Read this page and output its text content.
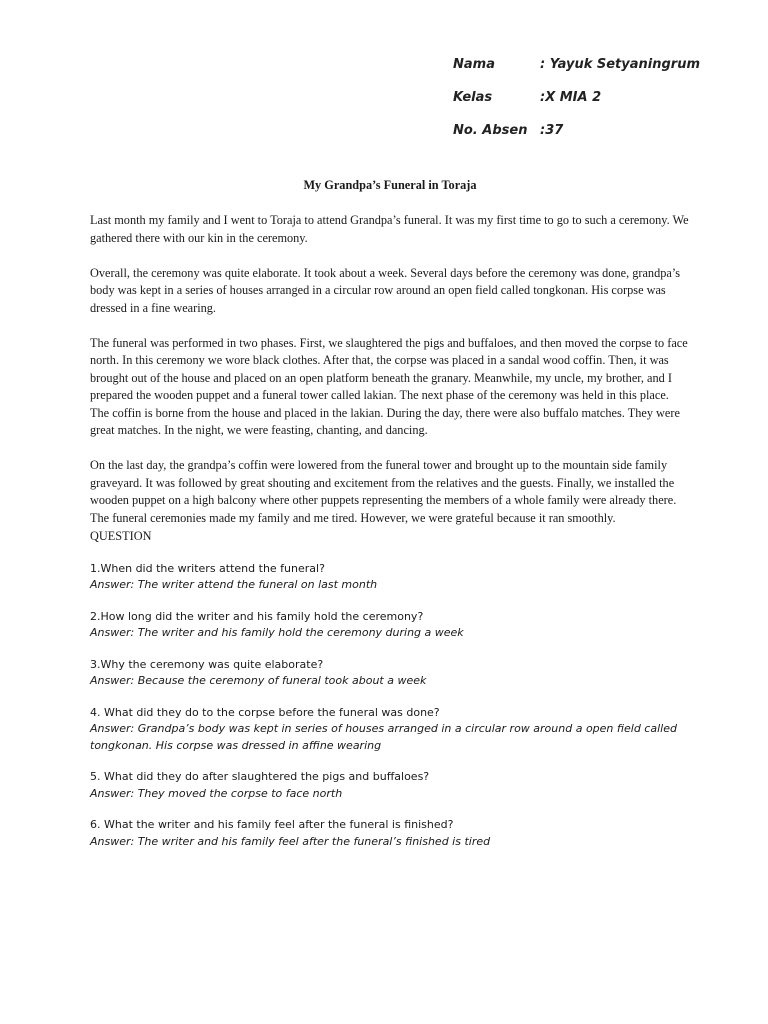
Nama	: Yayuk Setyaningrum
Kelas	:X MIA 2
No. Absen :37

My Grandpa’s Funeral in Toraja

Last month my family and I went to Toraja to attend Grandpa’s funeral. It was my first time to go to such a ceremony. We gathered there with our kin in the ceremony.

Overall, the ceremony was quite elaborate. It took about a week. Several days before the ceremony was done, grandpa’s body was kept in a series of houses arranged in a circular row around an open field called tongkonan. His corpse was dressed in a fine wearing.

The funeral was performed in two phases. First, we slaughtered the pigs and buffaloes, and then moved the corpse to face north. In this ceremony we wore black clothes. After that, the corpse was placed in a sandal wood coffin. Then, it was brought out of the house and placed on an open platform beneath the granary. Meanwhile, my uncle, my brother, and I prepared the wooden puppet and a funeral tower called lakian. The next phase of the ceremony was held in this place. The coffin is borne from the house and placed in the lakian. During the day, there were also buffalo matches. They were great matches. In the night, we were feasting, chanting, and dancing.

On the last day, the grandpa’s coffin were lowered from the funeral tower and brought up to the mountain side family graveyard. It was followed by great shouting and excitement from the relatives and the guests. Finally, we installed the wooden puppet on a high balcony where other puppets representing the members of a whole family were already there. The funeral ceremonies made my family and me tired. However, we were grateful because it ran smoothly.

QUESTION

1.When did the writers attend the funeral?

Answer: The writer attend the funeral on last month

2.How long did the writer and his family hold the ceremony?

Answer: The writer and his family hold the ceremony during a week

3.Why the ceremony was quite elaborate?

Answer: Because the ceremony of funeral took about a week

4. What did they do to the corpse before the funeral was done?

Answer: Grandpa’s body was kept in series of houses arranged in a circular row around a open field called tongkonan. His corpse was dressed in affine wearing

5. What did they do after slaughtered the pigs and buffaloes?

Answer: They moved the corpse to face north

6. What the writer and his family feel after the funeral is finished?

Answer: The writer and his family feel after the funeral’s finished is tired
